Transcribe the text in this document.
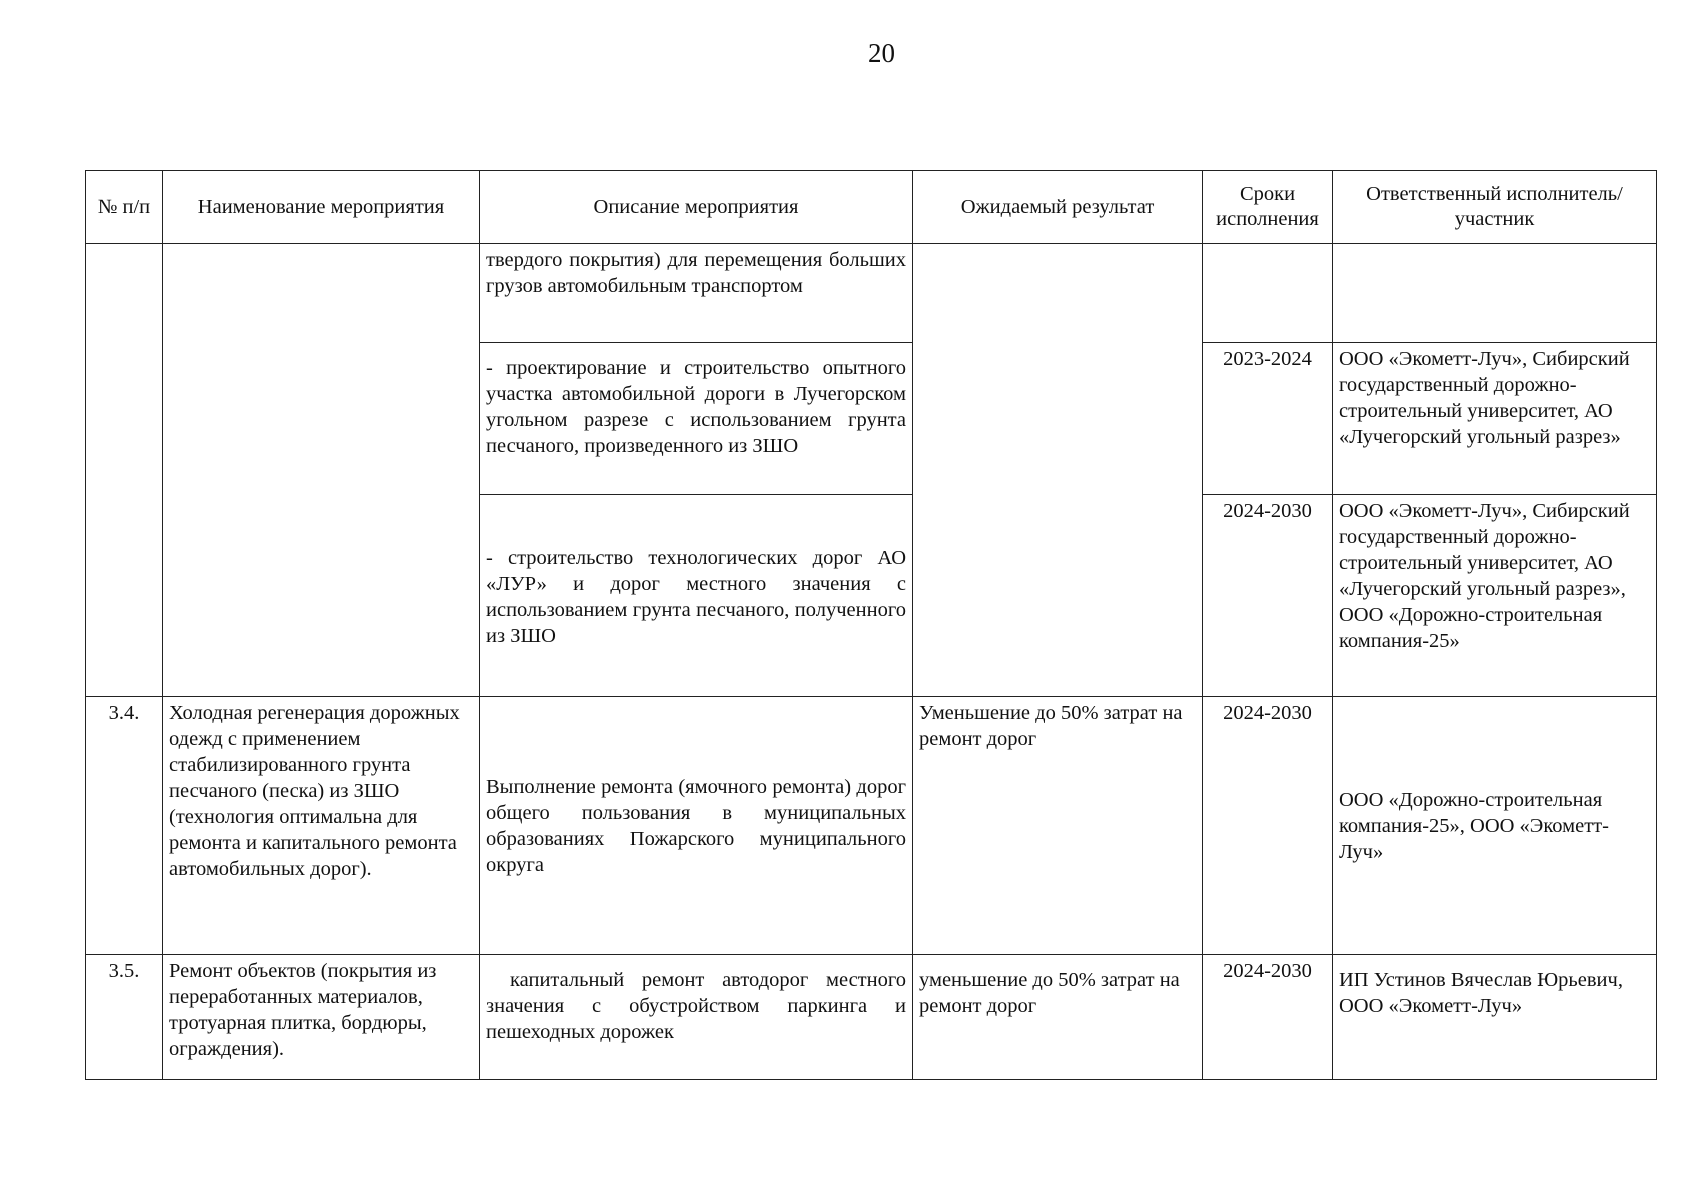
20
№ п/п	Наименование мероприятия	Описание мероприятия	Ожидаемый результат	Сроки исполнения	Ответственный исполнитель/участник
		твердого покрытия) для перемещения больших грузов автомобильным транспортом			
		- проектирование и строительство опытного участка автомобильной дороги в Лучегорском угольном разрезе с использованием грунта песчаного, произведенного из ЗШО		2023-2024	ООО «Экометт-Луч», Сибирский государственный дорожно-строительный университет, АО «Лучегорский угольный разрез»
		- строительство технологических дорог АО «ЛУР» и дорог местного значения с использованием грунта песчаного, полученного из ЗШО		2024-2030	ООО «Экометт-Луч», Сибирский государственный дорожно-строительный университет, АО «Лучегорский угольный разрез», ООО «Дорожно-строительная компания-25»
3.4.	Холодная регенерация дорожных одежд с применением стабилизированного грунта песчаного (песка) из ЗШО (технология оптимальна для ремонта и капитального ремонта автомобильных дорог).	Выполнение ремонта (ямочного ремонта) дорог общего пользования в муниципальных образованиях Пожарского муниципального округа	Уменьшение до 50% затрат на ремонт дорог	2024-2030	ООО «Дорожно-строительная компания-25», ООО «Экометт-Луч»
3.5.	Ремонт объектов (покрытия из переработанных материалов, тротуарная плитка, бордюры, ограждения).	капитальный ремонт автодорог местного значения с обустройством паркинга и пешеходных дорожек	уменьшение до 50% затрат на ремонт дорог	2024-2030	ИП Устинов Вячеслав Юрьевич, ООО «Экометт-Луч»
